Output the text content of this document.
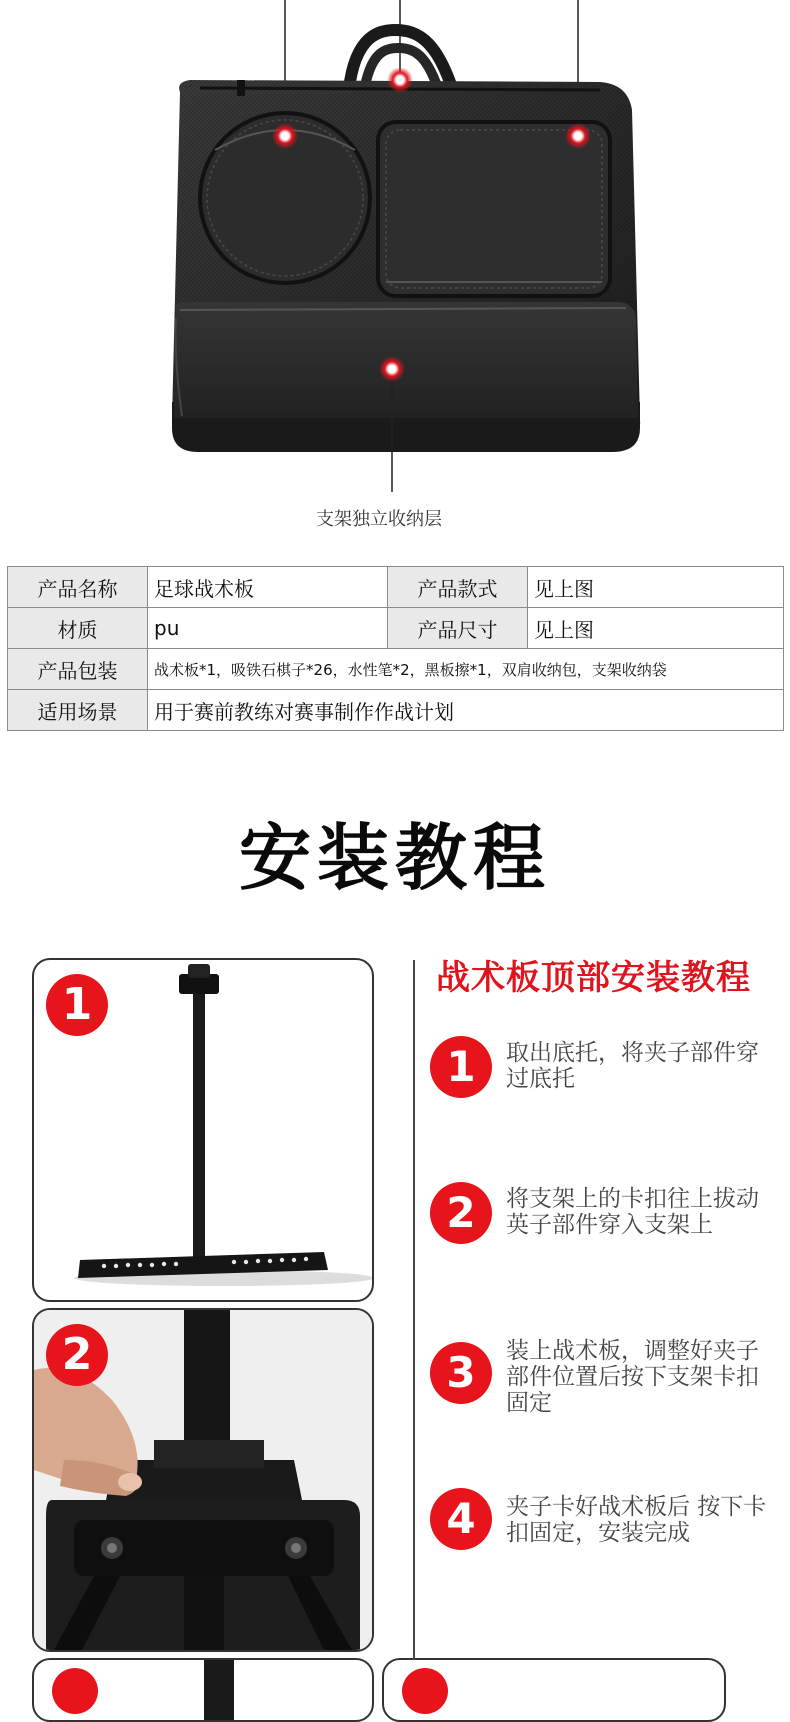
支架独立收纳层
产品名称	足球战术板	产品款式	见上图
材质	pu	产品尺寸	见上图
产品包装	战术板*1，吸铁石棋子*26，水性笔*2，黑板擦*1，双肩收纳包，支架收纳袋		
适用场景	用于赛前教练对赛事制作作战计划		
安装教程
1
2
战术板顶部安装教程
1	取出底托，将夹子部件穿过底托
2	将支架上的卡扣往上拔动英子部件穿入支架上
3	装上战术板，调整好夹子部件位置后按下支架卡扣固定
4	夹子卡好战术板后 按下卡扣固定，安装完成
